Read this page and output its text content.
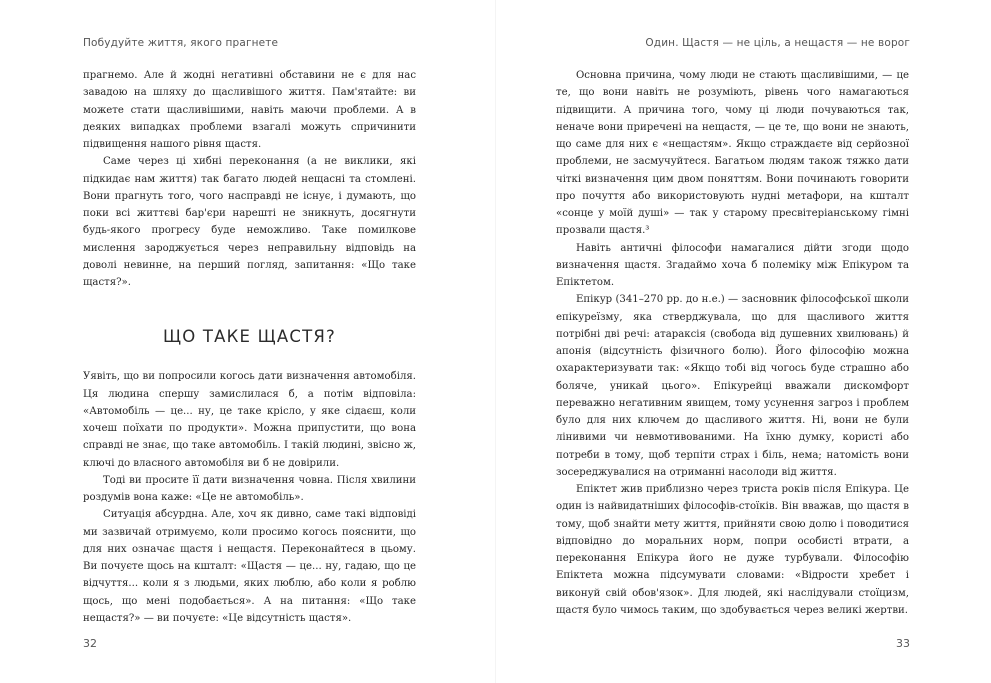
Побудуйте життя, якого прагнете

прагнемо. Але й жодні негативні обставини не є для нас завадою на шляху до щасливішого життя. Пам'ятайте: ви можете стати щасливішими, навіть маючи проблеми. А в деяких випадках проблеми взагалі можуть спричинити підвищення нашого рівня щастя.

Саме через ці хибні переконання (а не виклики, які підкидає нам життя) так багато людей нещасні та стомлені. Вони прагнуть того, чого насправді не існує, і думають, що поки всі життєві бар'єри нарешті не зникнуть, досягнути будь-якого прогресу буде неможливо. Таке помилкове мислення зароджується через неправильну відповідь на доволі невинне, на перший погляд, запитання: «Що таке щастя?».

ЩО ТАКЕ ЩАСТЯ?

Уявіть, що ви попросили когось дати визначення автомобіля. Ця людина спершу замислилася б, а потім відповіла: «Автомобіль — це... ну, це таке крісло, у яке сідаєш, коли хочеш поїхати по продукти». Можна припустити, що вона справді не знає, що таке автомобіль. І такій людині, звісно ж, ключі до власного автомобіля ви б не довірили.

Тоді ви просите її дати визначення човна. Після хвилини роздумів вона каже: «Це не автомобіль».

Ситуація абсурдна. Але, хоч як дивно, саме такі відповіді ми зазвичай отримуємо, коли просимо когось пояснити, що для них означає щастя і нещастя. Переконайтеся в цьому. Ви почуєте щось на кшталт: «Щастя — це... ну, гадаю, що це відчуття... коли я з людьми, яких люблю, або коли я роблю щось, що мені подобається». А на питання: «Що таке нещастя?» — ви почуєте: «Це відсутність щастя».

32

Один. Щастя — не ціль, а нещастя — не ворог

Основна причина, чому люди не стають щасливішими, — це те, що вони навіть не розуміють, рівень чого намагаються підвищити. А причина того, чому ці люди почуваються так, неначе вони приречені на нещастя, — це те, що вони не знають, що саме для них є «нещастям». Якщо страждаєте від серйозної проблеми, не засмучуйтеся. Багатьом людям також тяжко дати чіткі визначення цим двом поняттям. Вони починають говорити про почуття або використовують нудні метафори, на кшталт «сонце у моїй душі» — так у старому пресвітеріанському гімні прозвали щастя.³

Навіть античні філософи намагалися дійти згоди щодо визначення щастя. Згадаймо хоча б полеміку між Епікуром та Епіктетом.

Епікур (341–270 рр. до н.е.) — засновник філософської школи епікуреїзму, яка стверджувала, що для щасливого життя потрібні дві речі: атараксія (свобода від душевних хвилювань) й апонія (відсутність фізичного болю). Його філософію можна охарактеризувати так: «Якщо тобі від чогось буде страшно або боляче, уникай цього». Епікурейці вважали дискомфорт переважно негативним явищем, тому усунення загроз і проблем було для них ключем до щасливого життя. Ні, вони не були лінивими чи невмотивованими. На їхню думку, користі або потреби в тому, щоб терпіти страх і біль, нема; натомість вони зосереджувалися на отриманні насолоди від життя.

Епіктет жив приблизно через триста років після Епікура. Це один із найвидатніших філософів-стоїків. Він вважав, що щастя в тому, щоб знайти мету життя, прийняти свою долю і поводитися відповідно до моральних норм, попри особисті втрати, а переконання Епікура його не дуже турбували. Філософію Епіктета можна підсумувати словами: «Відрости хребет і виконуй свій обов'язок». Для людей, які наслідували стоїцизм, щастя було чимось таким, що здобувається через великі жертви.

33
